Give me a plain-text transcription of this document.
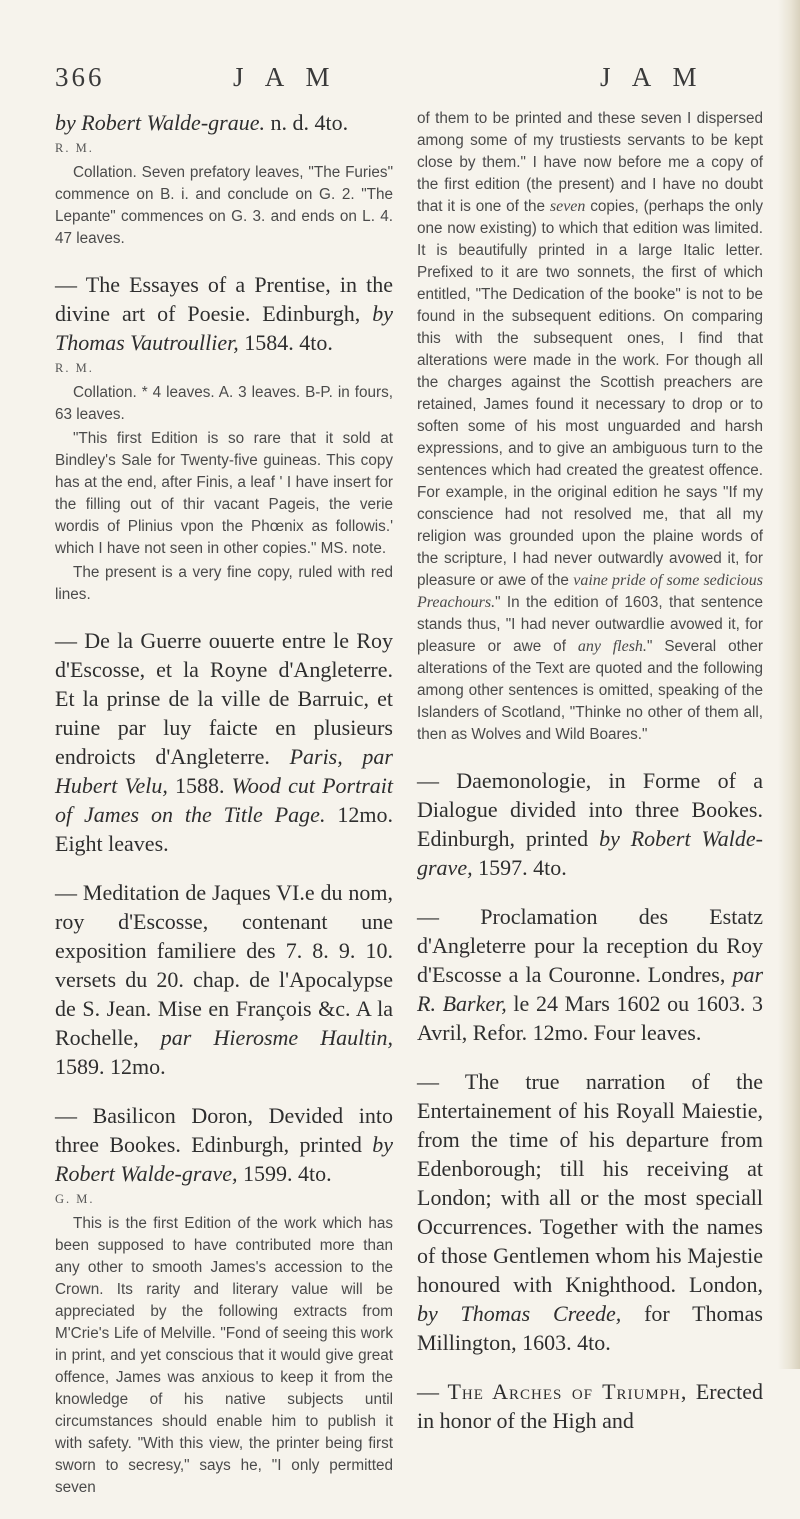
366	J A M	J A M
by Robert Walde-graue. n. d. 4to.
R. M.

Collation. Seven prefatory leaves, "The Furies" commence on B. i. and conclude on G. 2. "The Lepante" commences on G. 3. and ends on L. 4. 47 leaves.

— The Essayes of a Prentise, in the divine art of Poesie. Edinburgh, by Thomas Vautroullier, 1584. 4to.
R. M.

Collation. * 4 leaves. A. 3 leaves. B-P. in fours, 63 leaves.

"This first Edition is so rare that it sold at Bindley's Sale for Twenty-five guineas. This copy has at the end, after Finis, a leaf ' I have insert for the filling out of thir vacant Pageis, the verie wordis of Plinius vpon the Phœnix as followis.' which I have not seen in other copies." MS. note.

The present is a very fine copy, ruled with red lines.

— De la Guerre ouuerte entre le Roy d'Escosse, et la Royne d'Angleterre. Et la prinse de la ville de Barruic, et ruine par luy faicte en plusieurs endroicts d'Angleterre. Paris, par Hubert Velu, 1588. Wood cut Portrait of James on the Title Page. 12mo. Eight leaves.
— Meditation de Jaques VI.e du nom, roy d'Escosse, contenant une exposition familiere des 7. 8. 9. 10. versets du 20. chap. de l'Apocalypse de S. Jean. Mise en François &c. A la Rochelle, par Hierosme Haultin, 1589. 12mo.
— Basilicon Doron, Devided into three Bookes. Edinburgh, printed by Robert Walde-grave, 1599. 4to.
G. M.

This is the first Edition of the work which has been supposed to have contributed more than any other to smooth James's accession to the Crown. Its rarity and literary value will be appreciated by the following extracts from M'Crie's Life of Melville. "Fond of seeing this work in print, and yet conscious that it would give great offence, James was anxious to keep it from the knowledge of his native subjects until circumstances should enable him to publish it with safety. "With this view, the printer being first sworn to secresy," says he, "I only permitted seven

of them to be printed and these seven I dispersed among some of my trustiests servants to be kept close by them." I have now before me a copy of the first edition (the present) and I have no doubt that it is one of the seven copies, (perhaps the only one now existing) to which that edition was limited. It is beautifully printed in a large Italic letter. Prefixed to it are two sonnets, the first of which entitled, "The Dedication of the booke" is not to be found in the subsequent editions. On comparing this with the subsequent ones, I find that alterations were made in the work. For though all the charges against the Scottish preachers are retained, James found it necessary to drop or to soften some of his most unguarded and harsh expressions, and to give an ambiguous turn to the sentences which had created the greatest offence. For example, in the original edition he says "If my conscience had not resolved me, that all my religion was grounded upon the plaine words of the scripture, I had never outwardly avowed it, for pleasure or awe of the vaine pride of some sedicious Preachours." In the edition of 1603, that sentence stands thus, "I had never outwardlie avowed it, for pleasure or awe of any flesh." Several other alterations of the Text are quoted and the following among other sentences is omitted, speaking of the Islanders of Scotland, "Thinke no other of them all, then as Wolves and Wild Boares."

— Daemonologie, in Forme of a Dialogue divided into three Bookes. Edinburgh, printed by Robert Walde-grave, 1597. 4to.
— Proclamation des Estatz d'Angleterre pour la reception du Roy d'Escosse a la Couronne. Londres, par R. Barker, le 24 Mars 1602 ou 1603. 3 Avril, Refor. 12mo. Four leaves.
— The true narration of the Entertainement of his Royall Maiestie, from the time of his departure from Edenborough; till his receiving at London; with all or the most speciall Occurrences. Together with the names of those Gentlemen whom his Majestie honoured with Knighthood. London, by Thomas Creede, for Thomas Millington, 1603. 4to.
— The Arches of Triumph, Erected in honor of the High and
